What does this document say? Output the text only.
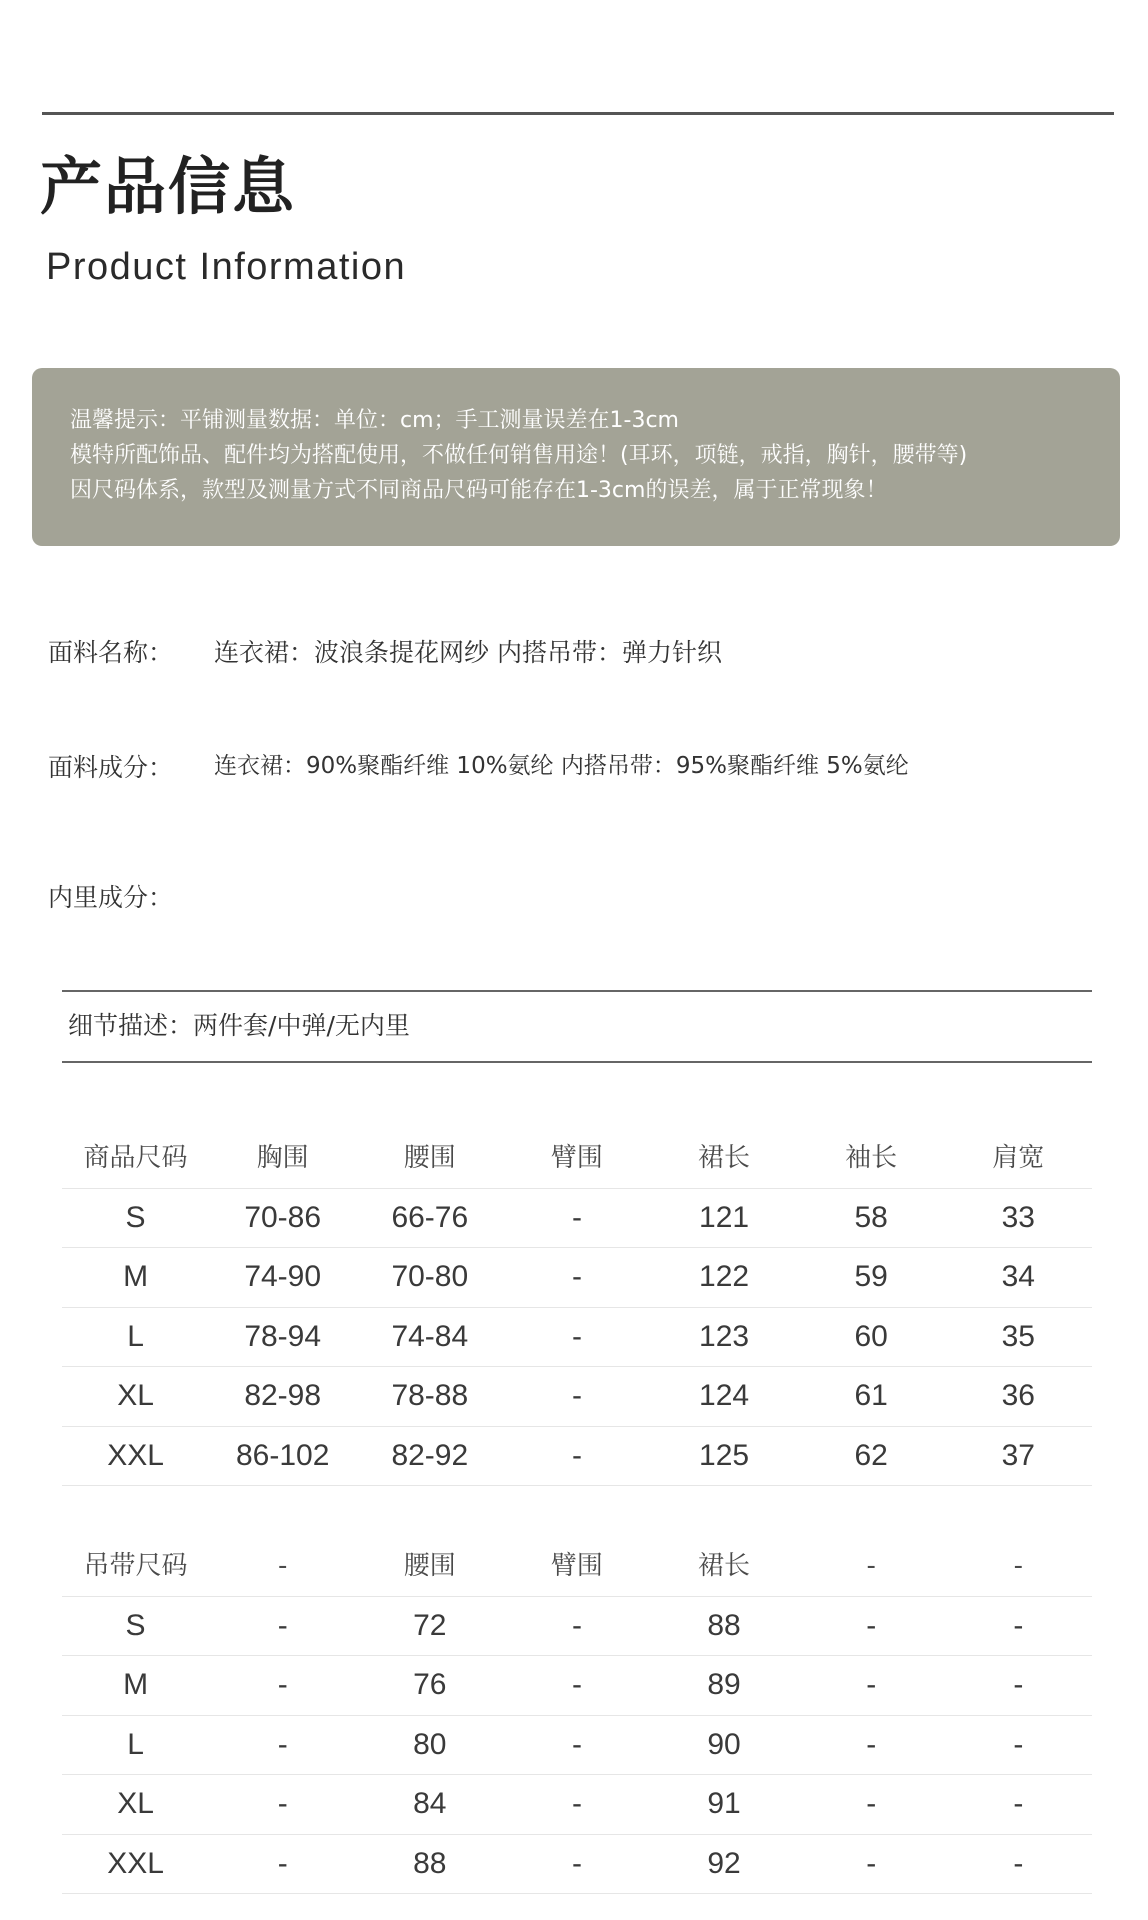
产品信息
Product Information
温馨提示：平铺测量数据：单位：cm；手工测量误差在1-3cm
模特所配饰品、配件均为搭配使用，不做任何销售用途！(耳环，项链，戒指，胸针，腰带等)
因尺码体系，款型及测量方式不同商品尺码可能存在1-3cm的误差，属于正常现象！
面料名称： 连衣裙：波浪条提花网纱 内搭吊带：弹力针织
面料成分： 连衣裙：90%聚酯纤维 10%氨纶 内搭吊带：95%聚酯纤维 5%氨纶
内里成分：
细节描述：两件套/中弹/无内里
商品尺码	胸围	腰围	臂围	裙长	袖长	肩宽
S	70-86	66-76	-	121	58	33
M	74-90	70-80	-	122	59	34
L	78-94	74-84	-	123	60	35
XL	82-98	78-88	-	124	61	36
XXL	86-102	82-92	-	125	62	37
吊带尺码	-	腰围	臂围	裙长	-	-
S	-	72	-	88	-	-
M	-	76	-	89	-	-
L	-	80	-	90	-	-
XL	-	84	-	91	-	-
XXL	-	88	-	92	-	-
